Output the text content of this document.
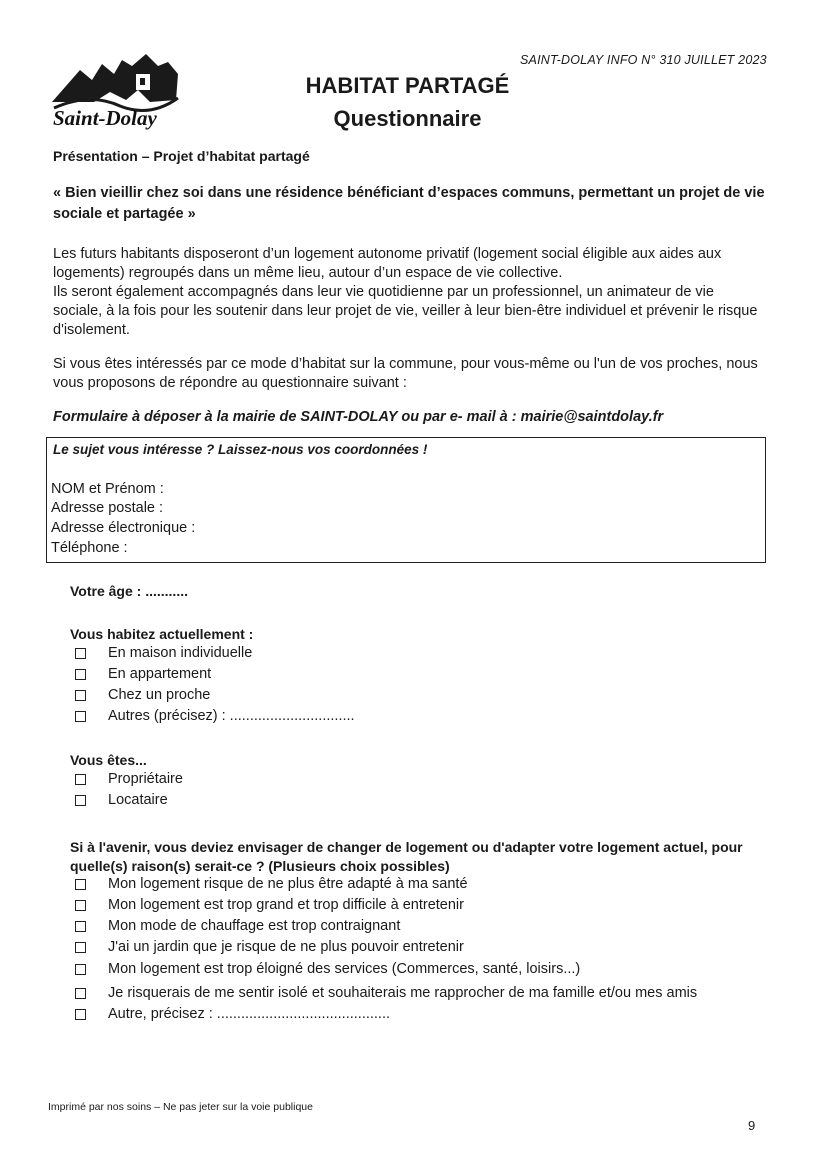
SAINT-DOLAY INFO N° 310 JUILLET 2023
Saint-Dolay
HABITAT PARTAGÉ
Questionnaire
Présentation – Projet d’habitat partagé
« Bien vieillir chez soi dans une résidence bénéficiant d’espaces communs, permettant un projet de vie sociale et partagée »
Les futurs habitants disposeront d’un logement autonome privatif (logement social éligible aux aides aux logements) regroupés dans un même lieu, autour d’un espace de vie collective.
Ils seront également accompagnés dans leur vie quotidienne par un professionnel, un animateur de vie sociale, à la fois pour les soutenir dans leur projet de vie, veiller à leur bien-être individuel et prévenir le risque d'isolement.
Si vous êtes intéressés par ce mode d’habitat sur la commune, pour vous-même ou l'un de vos proches, nous vous proposons de répondre au questionnaire suivant :
Formulaire à déposer à la mairie de SAINT-DOLAY ou par e- mail à : mairie@saintdolay.fr
Le sujet vous intéresse ? Laissez-nous vos coordonnées !
NOM et Prénom :
Adresse postale :
Adresse électronique :
Téléphone :
Votre âge : ...........
Vous habitez actuellement :
En maison individuelle
En appartement
Chez un proche
Autres (précisez) : ...............................
Vous êtes...
Propriétaire
Locataire
Si à l'avenir, vous deviez envisager de changer de logement ou d'adapter votre logement actuel, pour quelle(s) raison(s) serait-ce ? (Plusieurs choix possibles)
Mon logement risque de ne plus être adapté à ma santé
Mon logement est trop grand et trop difficile à entretenir
Mon mode de chauffage est trop contraignant
J'ai un jardin que je risque de ne plus pouvoir entretenir
Mon logement est trop éloigné des services (Commerces, santé, loisirs...)
Je risquerais de me sentir isolé et souhaiterais me rapprocher de ma famille et/ou mes amis
Autre, précisez : ...........................................
Imprimé par nos soins – Ne pas jeter sur la voie publique
9
